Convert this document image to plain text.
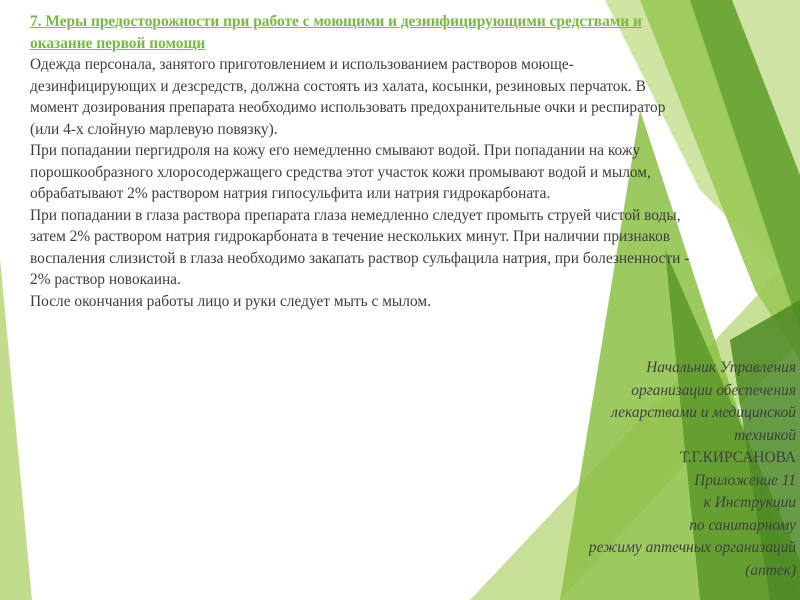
7. Меры предосторожности при работе с моющими и дезинфицирующими средствами и
оказание первой помощи

Одежда персонала, занятого приготовлением и использованием растворов моюще-
дезинфицирующих и дезсредств, должна состоять из халата, косынки, резиновых перчаток. В
момент дозирования препарата необходимо использовать предохранительные очки и респиратор
(или 4-х слойную марлевую повязку).

При попадании пергидроля на кожу его немедленно смывают водой. При попадании на кожу
порошкообразного хлоросодержащего средства этот участок кожи промывают водой и мылом,
обрабатывают 2% раствором натрия гипосульфита или натрия гидрокарбоната.

При попадании в глаза раствора препарата глаза немедленно следует промыть струей чистой воды,
затем 2% раствором натрия гидрокарбоната в течение нескольких минут. При наличии признаков
воспаления слизистой в глаза необходимо закапать раствор сульфацила натрия, при болезненности -
2% раствор новокаина.

После окончания работы лицо и руки следует мыть с мылом.

Начальник Управления
организации обеспечения
лекарствами и медицинской
техникой
Т.Г.КИРСАНОВА
Приложение 11
к Инструкции
по санитарному
режиму аптечных организаций
(аптек)
